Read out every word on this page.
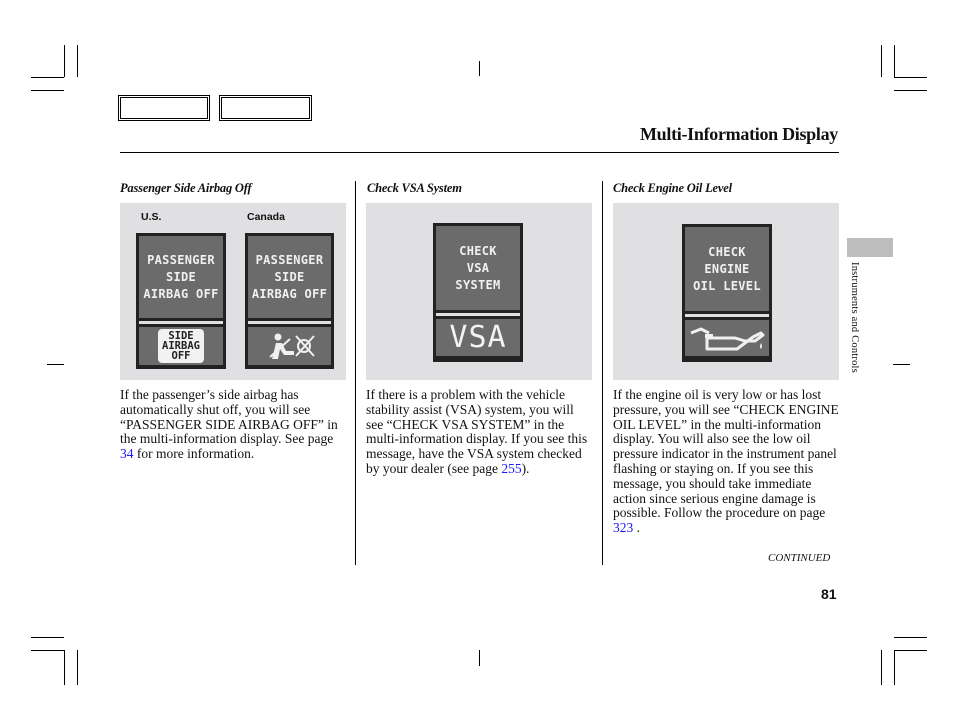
Multi-Information Display
Instruments and Controls
Passenger Side Airbag Off
U.S.	Canada
PASSENGER
SIDE
AIRBAG OFF
SIDE
AIRBAG
OFF
PASSENGER
SIDE
AIRBAG OFF

If the passenger’s side airbag has automatically shut off, you will see “PASSENGER SIDE AIRBAG OFF” in the multi-information display. See page 34 for more information.

Check VSA System
CHECK
VSA
SYSTEM
VSA

If there is a problem with the vehicle stability assist (VSA) system, you will see “CHECK VSA SYSTEM” in the multi-information display. If you see this message, have the VSA system checked by your dealer (see page 255).

Check Engine Oil Level
CHECK
ENGINE
OIL LEVEL

If the engine oil is very low or has lost pressure, you will see “CHECK ENGINE OIL LEVEL” in the multi-information display. You will also see the low oil pressure indicator in the instrument panel flashing or staying on. If you see this message, you should take immediate action since serious engine damage is possible. Follow the procedure on page 323 .

CONTINUED
81
